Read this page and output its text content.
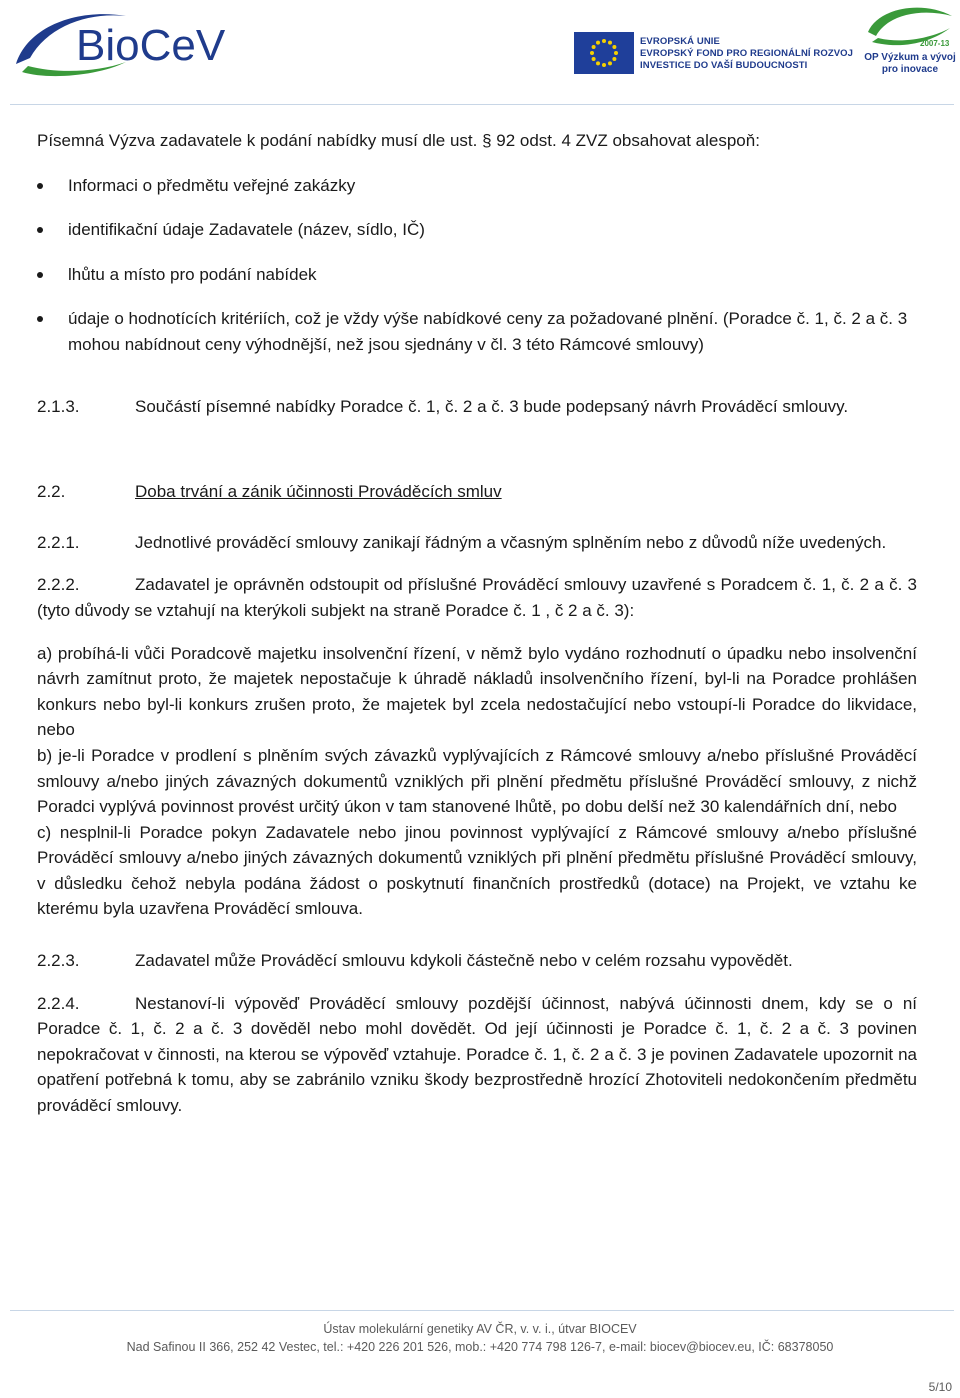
BioCeV	EVROPSKÁ UNIE
EVROPSKÝ FOND PRO REGIONÁLNÍ ROZVOJ
INVESTICE DO VAŠÍ BUDOUCNOSTI
2007-13
OP Výzkum a vývoj
pro inovace

Písemná Výzva zadavatele k podání nabídky musí dle ust. § 92 odst. 4 ZVZ obsahovat alespoň:

Informaci o předmětu veřejné zakázky
identifikační údaje Zadavatele (název, sídlo, IČ)
lhůtu a místo pro podání nabídek
údaje o hodnotících kritériích, což je vždy výše nabídkové ceny za požadované plnění. (Poradce č. 1, č. 2 a č. 3 mohou nabídnout ceny výhodnější, než jsou sjednány v čl. 3 této Rámcové smlouvy)

2.1.3.	Součástí písemné nabídky Poradce č. 1, č. 2 a č. 3 bude podepsaný návrh Prováděcí smlouvy.

2.2.	Doba trvání a zánik účinnosti Prováděcích smluv

2.2.1.	Jednotlivé prováděcí smlouvy zanikají řádným a včasným splněním nebo z důvodů níže uvedených.

2.2.2.	Zadavatel je oprávněn odstoupit od příslušné Prováděcí smlouvy uzavřené s Poradcem č. 1, č. 2 a č. 3 (tyto důvody se vztahují na kterýkoli subjekt na straně Poradce č. 1 , č 2 a č. 3):

a) probíhá-li vůči Poradcově majetku insolvenční řízení, v němž bylo vydáno rozhodnutí o úpadku nebo insolvenční návrh zamítnut proto, že majetek nepostačuje k úhradě nákladů insolvenčního řízení, byl-li na Poradce prohlášen konkurs nebo byl-li konkurs zrušen proto, že majetek byl zcela nedostačující nebo vstoupí-li Poradce do likvidace, nebo

b) je-li Poradce v prodlení s plněním svých závazků vyplývajících z Rámcové smlouvy a/nebo příslušné Prováděcí smlouvy a/nebo jiných závazných dokumentů vzniklých při plnění předmětu příslušné Prováděcí smlouvy, z nichž Poradci vyplývá povinnost provést určitý úkon v tam stanovené lhůtě, po dobu delší než 30 kalendářních dní, nebo

c) nesplnil-li Poradce pokyn Zadavatele nebo jinou povinnost vyplývající z Rámcové smlouvy a/nebo příslušné Prováděcí smlouvy a/nebo jiných závazných dokumentů vzniklých při plnění předmětu příslušné Prováděcí smlouvy, v důsledku čehož nebyla podána žádost o poskytnutí finančních prostředků (dotace) na Projekt, ve vztahu ke kterému byla uzavřena Prováděcí smlouva.

2.2.3.	Zadavatel může Prováděcí smlouvu kdykoli částečně nebo v celém rozsahu vypovědět.

2.2.4.	Nestanoví-li výpověď Prováděcí smlouvy pozdější účinnost, nabývá účinnosti dnem, kdy se o ní Poradce č. 1, č. 2 a č. 3 dověděl nebo mohl dovědět. Od její účinnosti je Poradce č. 1, č. 2 a č. 3 povinen nepokračovat v činnosti, na kterou se výpověď vztahuje. Poradce č. 1, č. 2 a č. 3 je povinen Zadavatele upozornit na opatření potřebná k tomu, aby se zabránilo vzniku škody bezprostředně hrozící Zhotoviteli nedokončením předmětu prováděcí smlouvy.

Ústav molekulární genetiky AV ČR, v. v. i., útvar BIOCEV
Nad Safinou II 366, 252 42 Vestec, tel.: +420 226 201 526, mob.: +420 774 798 126-7, e-mail: biocev@biocev.eu, IČ: 68378050
5/10
